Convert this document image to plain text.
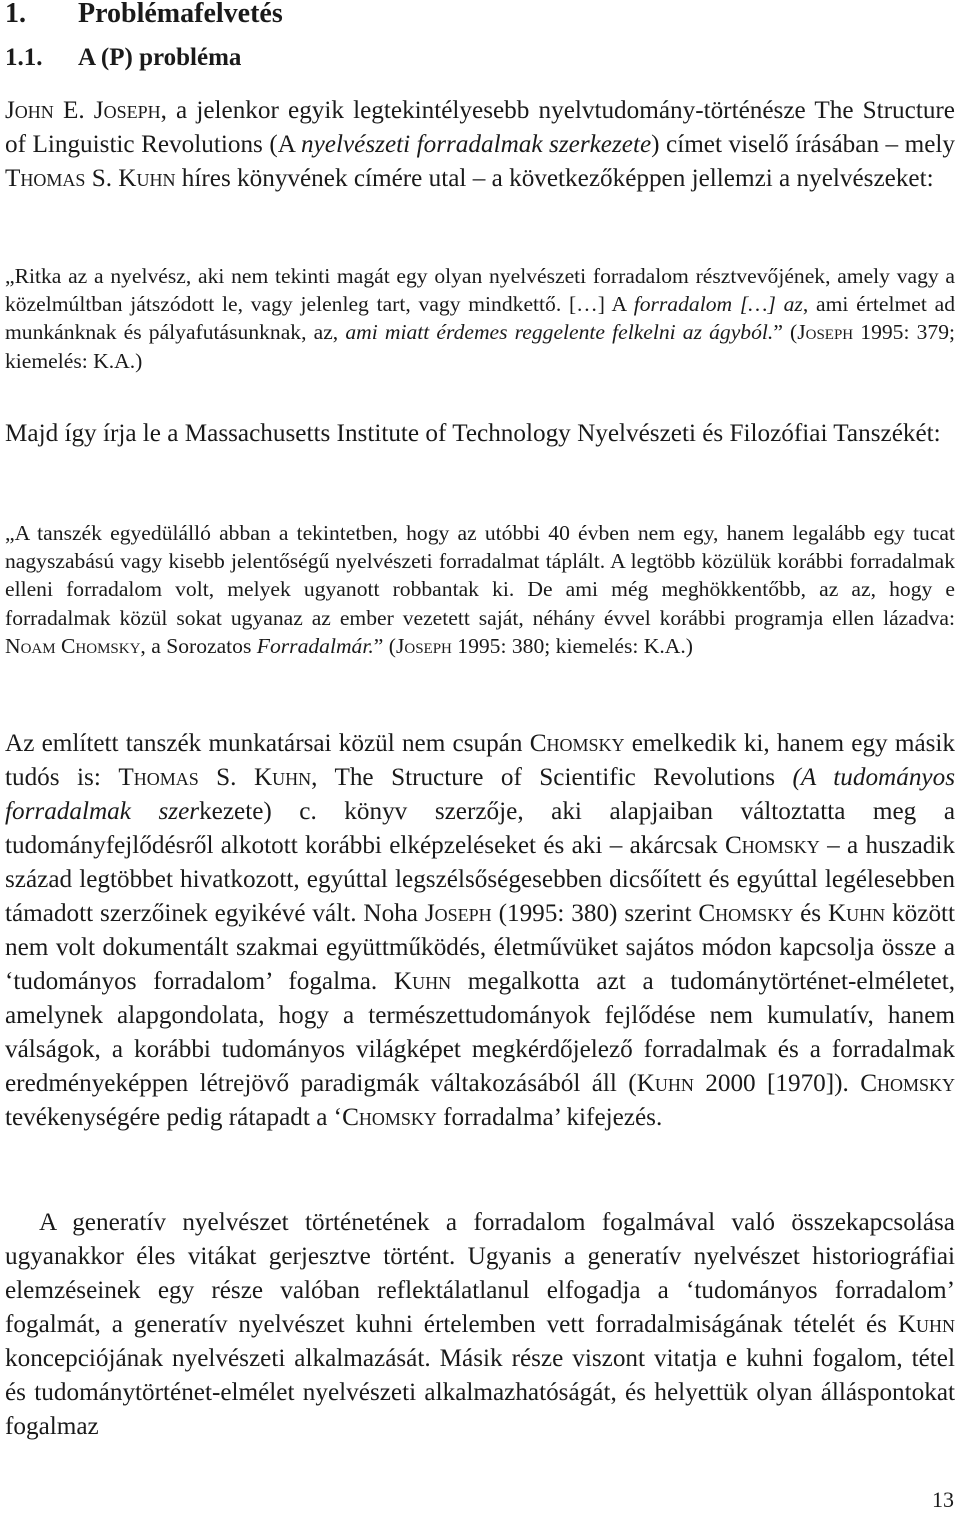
1. Problémafelvetés
1.1. A (P) probléma

John E. Joseph, a jelenkor egyik legtekintélyesebb nyelvtudomány-történésze The Structure of Linguistic Revolutions (A nyelvészeti forradalmak szerkezete) címet viselő írásában – mely Thomas S. Kuhn híres könyvének címére utal – a következőképpen jellemzi a nyelvészeket:

„Ritka az a nyelvész, aki nem tekinti magát egy olyan nyelvészeti forradalom résztvevőjének, amely vagy a közelmúltban játszódott le, vagy jelenleg tart, vagy mindkettő. […] A forradalom […] az, ami értelmet ad munkánknak és pályafutásunknak, az, ami miatt érdemes reggelente felkelni az ágyból.” (Joseph 1995: 379; kiemelés: K.A.)

Majd így írja le a Massachusetts Institute of Technology Nyelvészeti és Filozófiai Tanszékét:

„A tanszék egyedülálló abban a tekintetben, hogy az utóbbi 40 évben nem egy, hanem legalább egy tucat nagyszabású vagy kisebb jelentőségű nyelvészeti forradalmat táplált. A legtöbb közülük korábbi forradalmak elleni forradalom volt, melyek ugyanott robbantak ki. De ami még meghökkentőbb, az az, hogy e forradalmak közül sokat ugyanaz az ember vezetett saját, néhány évvel korábbi programja ellen lázadva: Noam Chomsky, a Sorozatos Forradalmár.” (Joseph 1995: 380; kiemelés: K.A.)

Az említett tanszék munkatársai közül nem csupán Chomsky emelkedik ki, hanem egy másik tudós is: Thomas S. Kuhn, The Structure of Scientific Revolutions (A tudományos forradalmak szerkezete) c. könyv szerzője, aki alapjaiban változtatta meg a tudományfejlődésről alkotott korábbi elképzeléseket és aki – akárcsak Chomsky – a huszadik század legtöbbet hivatkozott, egyúttal legszélsőségesebben dicsőített és egyúttal legélesebben támadott szerzőinek egyikévé vált. Noha Joseph (1995: 380) szerint Chomsky és Kuhn között nem volt dokumentált szakmai együttműködés, életművüket sajátos módon kapcsolja össze a ‘tudományos forradalom’ fogalma. Kuhn megalkotta azt a tudománytörténet-elméletet, amelynek alapgondolata, hogy a természettudományok fejlődése nem kumulatív, hanem válságok, a korábbi tudományos világképet megkérdőjelező forradalmak és a forradalmak eredményeképpen létrejövő paradigmák váltakozásából áll (Kuhn 2000 [1970]). Chomsky tevékenységére pedig rátapadt a ‘Chomsky forradalma’ kifejezés.

A generatív nyelvészet történetének a forradalom fogalmával való összekapcsolása ugyanakkor éles vitákat gerjesztve történt. Ugyanis a generatív nyelvészet historiográfiai elemzéseinek egy része valóban reflektálatlanul elfogadja a ‘tudományos forradalom’ fogalmát, a generatív nyelvészet kuhni értelemben vett forradalmiságának tételét és Kuhn koncepciójának nyelvészeti alkalmazását. Másik része viszont vitatja e kuhni fogalom, tétel és tudománytörténet-elmélet nyelvészeti alkalmazhatóságát, és helyettük olyan álláspontokat fogalmaz

13
